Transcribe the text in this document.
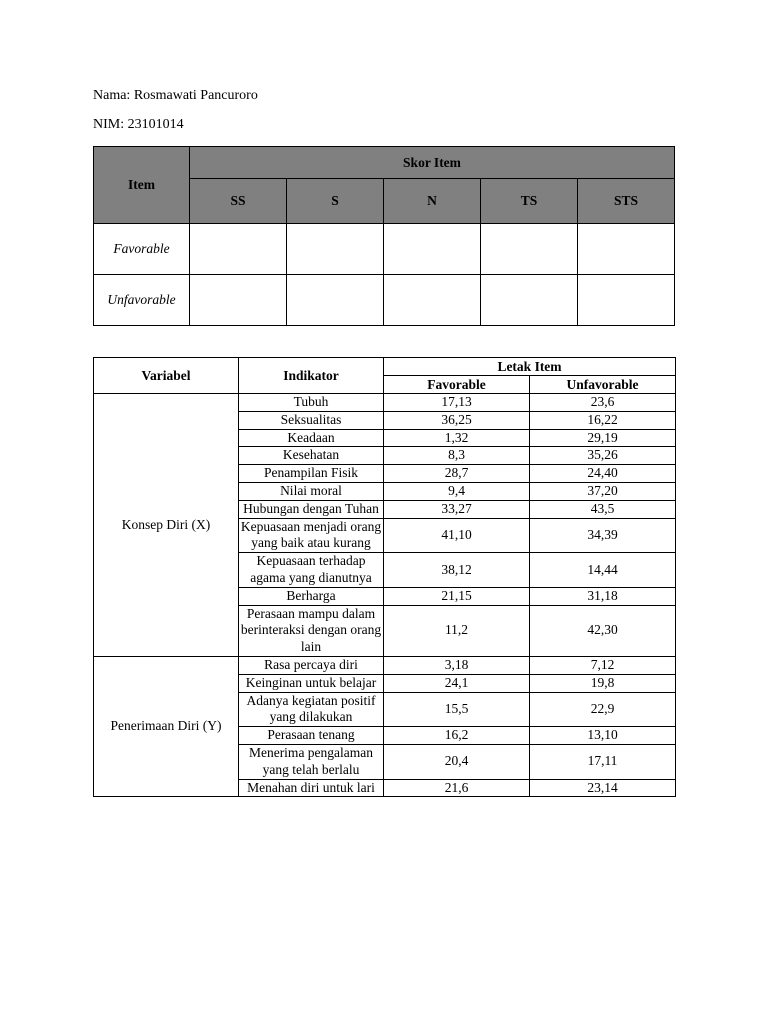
Nama: Rosmawati Pancuroro
NIM: 23101014
Item	Skor Item				
	SS	S	N	TS	STS
Favorable					
Unfavorable					
Variabel	Indikator	Letak Item	
		Favorable	Unfavorable
Konsep Diri (X)	Tubuh	17,13	23,6
	Seksualitas	36,25	16,22
	Keadaan	1,32	29,19
	Kesehatan	8,3	35,26
	Penampilan Fisik	28,7	24,40
	Nilai moral	9,4	37,20
	Hubungan dengan Tuhan	33,27	43,5
	Kepuasaan menjadi orang yang baik atau kurang	41,10	34,39
	Kepuasaan terhadap agama yang dianutnya	38,12	14,44
	Berharga	21,15	31,18
	Perasaan mampu dalam berinteraksi dengan orang lain	11,2	42,30
Penerimaan Diri (Y)	Rasa percaya diri	3,18	7,12
	Keinginan untuk belajar	24,1	19,8
	Adanya kegiatan positif yang dilakukan	15,5	22,9
	Perasaan tenang	16,2	13,10
	Menerima pengalaman yang telah berlalu	20,4	17,11
	Menahan diri untuk lari	21,6	23,14
